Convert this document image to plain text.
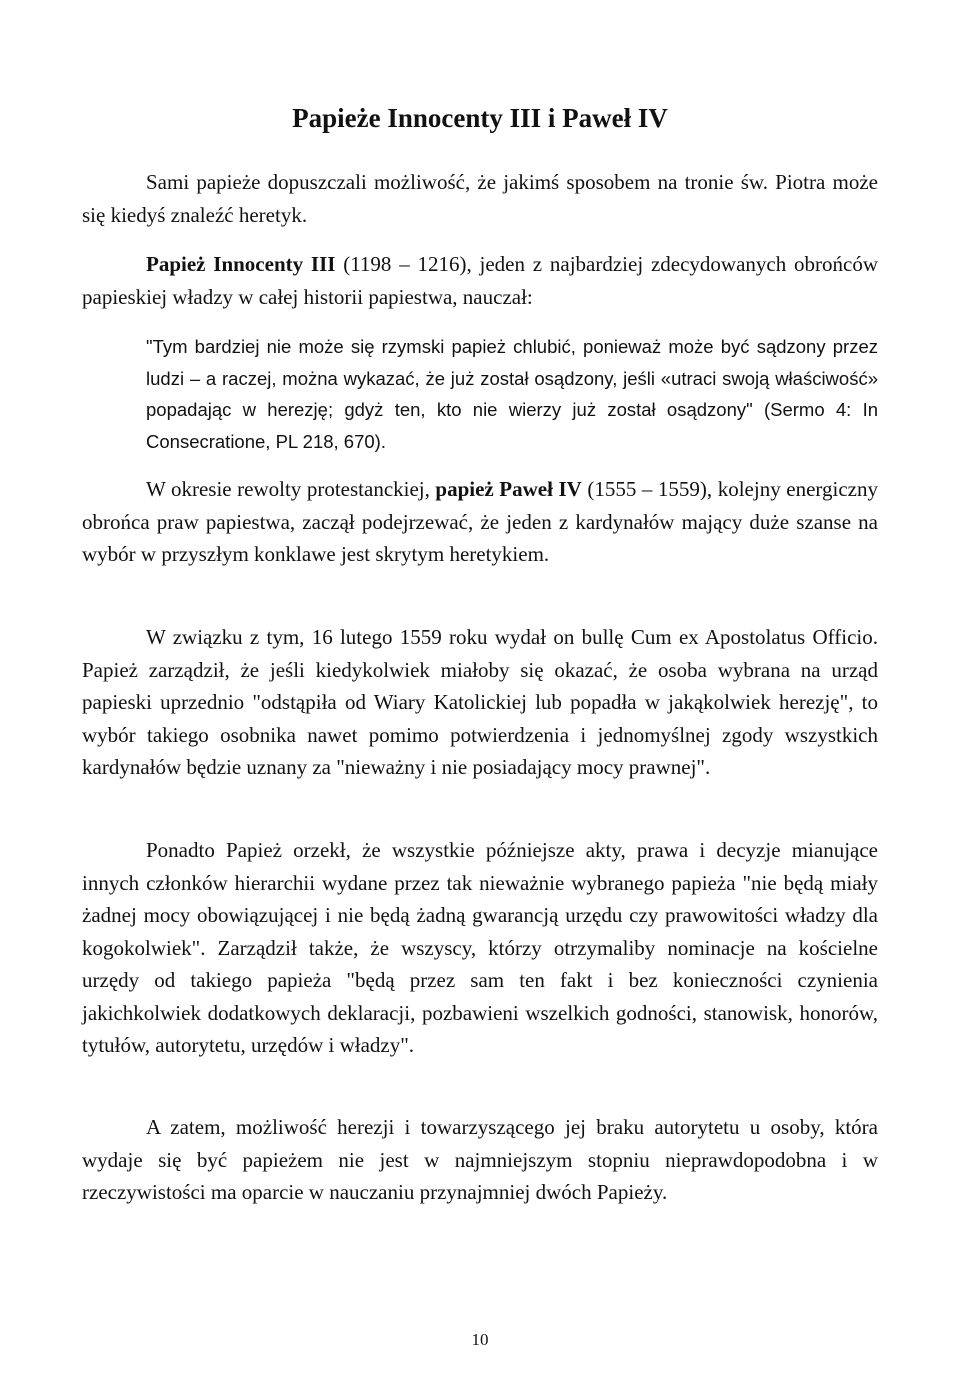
Papieże Innocenty III i Paweł IV

Sami papieże dopuszczali możliwość, że jakimś sposobem na tronie św. Piotra może się kiedyś znaleźć heretyk.

Papież Innocenty III (1198 – 1216), jeden z najbardziej zdecydowanych obrońców papieskiej władzy w całej historii papiestwa, nauczał:

"Tym bardziej nie może się rzymski papież chlubić, ponieważ może być sądzony przez ludzi – a raczej, można wykazać, że już został osądzony, jeśli «utraci swoją właściwość» popadając w herezję; gdyż ten, kto nie wierzy już został osądzony" (Sermo 4: In Consecratione, PL 218, 670).

W okresie rewolty protestanckiej, papież Paweł IV (1555 – 1559), kolejny energiczny obrońca praw papiestwa, zaczął podejrzewać, że jeden z kardynałów mający duże szanse na wybór w przyszłym konklawe jest skrytym heretykiem.

W związku z tym, 16 lutego 1559 roku wydał on bullę Cum ex Apostolatus Officio. Papież zarządził, że jeśli kiedykolwiek miałoby się okazać, że osoba wybrana na urząd papieski uprzednio "odstąpiła od Wiary Katolickiej lub popadła w jakąkolwiek herezję", to wybór takiego osobnika nawet pomimo potwierdzenia i jednomyślnej zgody wszystkich kardynałów będzie uznany za "nieważny i nie posiadający mocy prawnej".

Ponadto Papież orzekł, że wszystkie późniejsze akty, prawa i decyzje mianujące innych członków hierarchii wydane przez tak nieważnie wybranego papieża "nie będą miały żadnej mocy obowiązującej i nie będą żadną gwarancją urzędu czy prawowitości władzy dla kogokolwiek". Zarządził także, że wszyscy, którzy otrzymaliby nominacje na kościelne urzędy od takiego papieża "będą przez sam ten fakt i bez konieczności czynienia jakichkolwiek dodatkowych deklaracji, pozbawieni wszelkich godności, stanowisk, honorów, tytułów, autorytetu, urzędów i władzy".

A zatem, możliwość herezji i towarzyszącego jej braku autorytetu u osoby, która wydaje się być papieżem nie jest w najmniejszym stopniu nieprawdopodobna i w rzeczywistości ma oparcie w nauczaniu przynajmniej dwóch Papieży.

10
